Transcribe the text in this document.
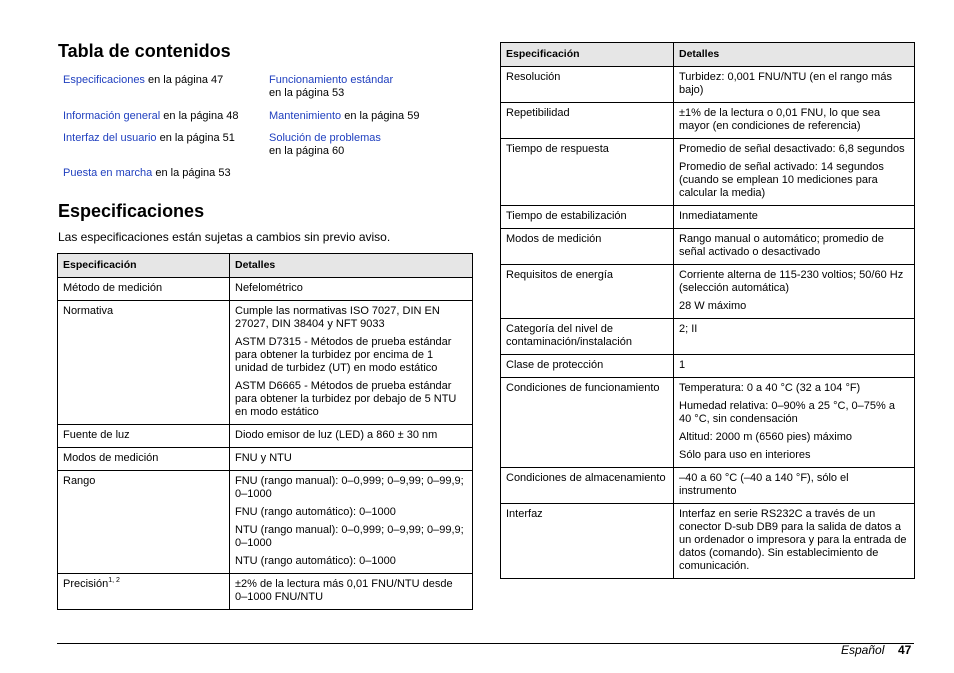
Tabla de contenidos
Especificaciones en la página 47
Información general en la página 48
Interfaz del usuario en la página 51
Puesta en marcha en la página 53
Funcionamiento estándar
en la página 53
Mantenimiento en la página 59
Solución de problemas
en la página 60
Especificaciones
Las especificaciones están sujetas a cambios sin previo aviso.
Especificación	Detalles
Método de medición	Nefelométrico

Normativa	Cumple las normativas ISO 7027, DIN EN 27027, DIN 38404 y NFT 9033

ASTM D7315 - Métodos de prueba estándar para obtener la turbidez por encima de 1 unidad de turbidez (UT) en modo estático

ASTM D6665 - Métodos de prueba estándar para obtener la turbidez por debajo de 5 NTU en modo estático

Fuente de luz	Diodo emisor de luz (LED) a 860 ± 30 nm

Modos de medición	FNU y NTU

Rango	FNU (rango manual): 0–0,999; 0–9,99; 0–99,9; 0–1000

FNU (rango automático): 0–1000

NTU (rango manual): 0–0,999; 0–9,99; 0–99,9; 0–1000

NTU (rango automático): 0–1000

Precisión$^{1, 2}$	±2% de la lectura más 0,01 FNU/NTU desde 0–1000 FNU/NTU

Especificación	Detalles
Resolución	Turbidez: 0,001 FNU/NTU (en el rango más bajo)

Repetibilidad	±1% de la lectura o 0,01 FNU, lo que sea mayor (en condiciones de referencia)

Tiempo de respuesta	Promedio de señal desactivado: 6,8 segundos

Promedio de señal activado: 14 segundos (cuando se emplean 10 mediciones para calcular la media)

Tiempo de estabilización	Inmediatamente

Modos de medición	Rango manual o automático; promedio de señal activado o desactivado

Requisitos de energía	Corriente alterna de 115-230 voltios; 50/60 Hz (selección automática)

28 W máximo

Categoría del nivel de contaminación/instalación	2; II

Clase de protección	1

Condiciones de funcionamiento	Temperatura: 0 a 40 °C (32 a 104 °F)

Humedad relativa: 0–90% a 25 °C, 0–75% a 40 °C, sin condensación

Altitud: 2000 m (6560 pies) máximo

Sólo para uso en interiores

Condiciones de almacenamiento	–40 a 60 °C (–40 a 140 °F), sólo el instrumento

Interfaz	Interfaz en serie RS232C a través de un conector D-sub DB9 para la salida de datos a un ordenador o impresora y para la entrada de datos (comando). Sin establecimiento de comunicación.

Español 47
